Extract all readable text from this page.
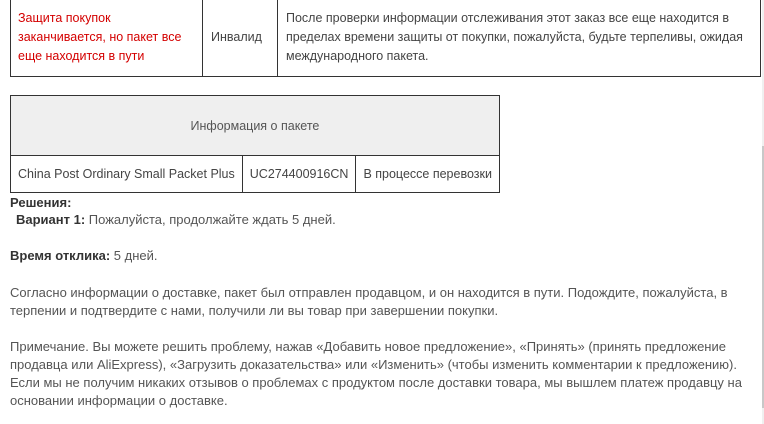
Защита покупок заканчивается, но пакет все еще находится в пути	Инвалид	После проверки информации отслеживания этот заказ все еще находится в пределах времени защиты от покупки, пожалуйста, будьте терпеливы, ожидая международного пакета.
Информация о пакете
China Post Ordinary Small Packet Plus	UC274400916CN	В процессе перевозки
Решения:
Вариант 1: Пожалуйста, продолжайте ждать 5 дней.
Время отклика: 5 дней.
Согласно информации о доставке, пакет был отправлен продавцом, и он находится в пути. Подождите, пожалуйста, в терпении и подтвердите с нами, получили ли вы товар при завершении покупки.
Примечание. Вы можете решить проблему, нажав «Добавить новое предложение», «Принять» (принять предложение продавца или AliExpress), «Загрузить доказательства» или «Изменить» (чтобы изменить комментарии к предложению). Если мы не получим никаких отзывов о проблемах с продуктом после доставки товара, мы вышлем платеж продавцу на основании информации о доставке.
